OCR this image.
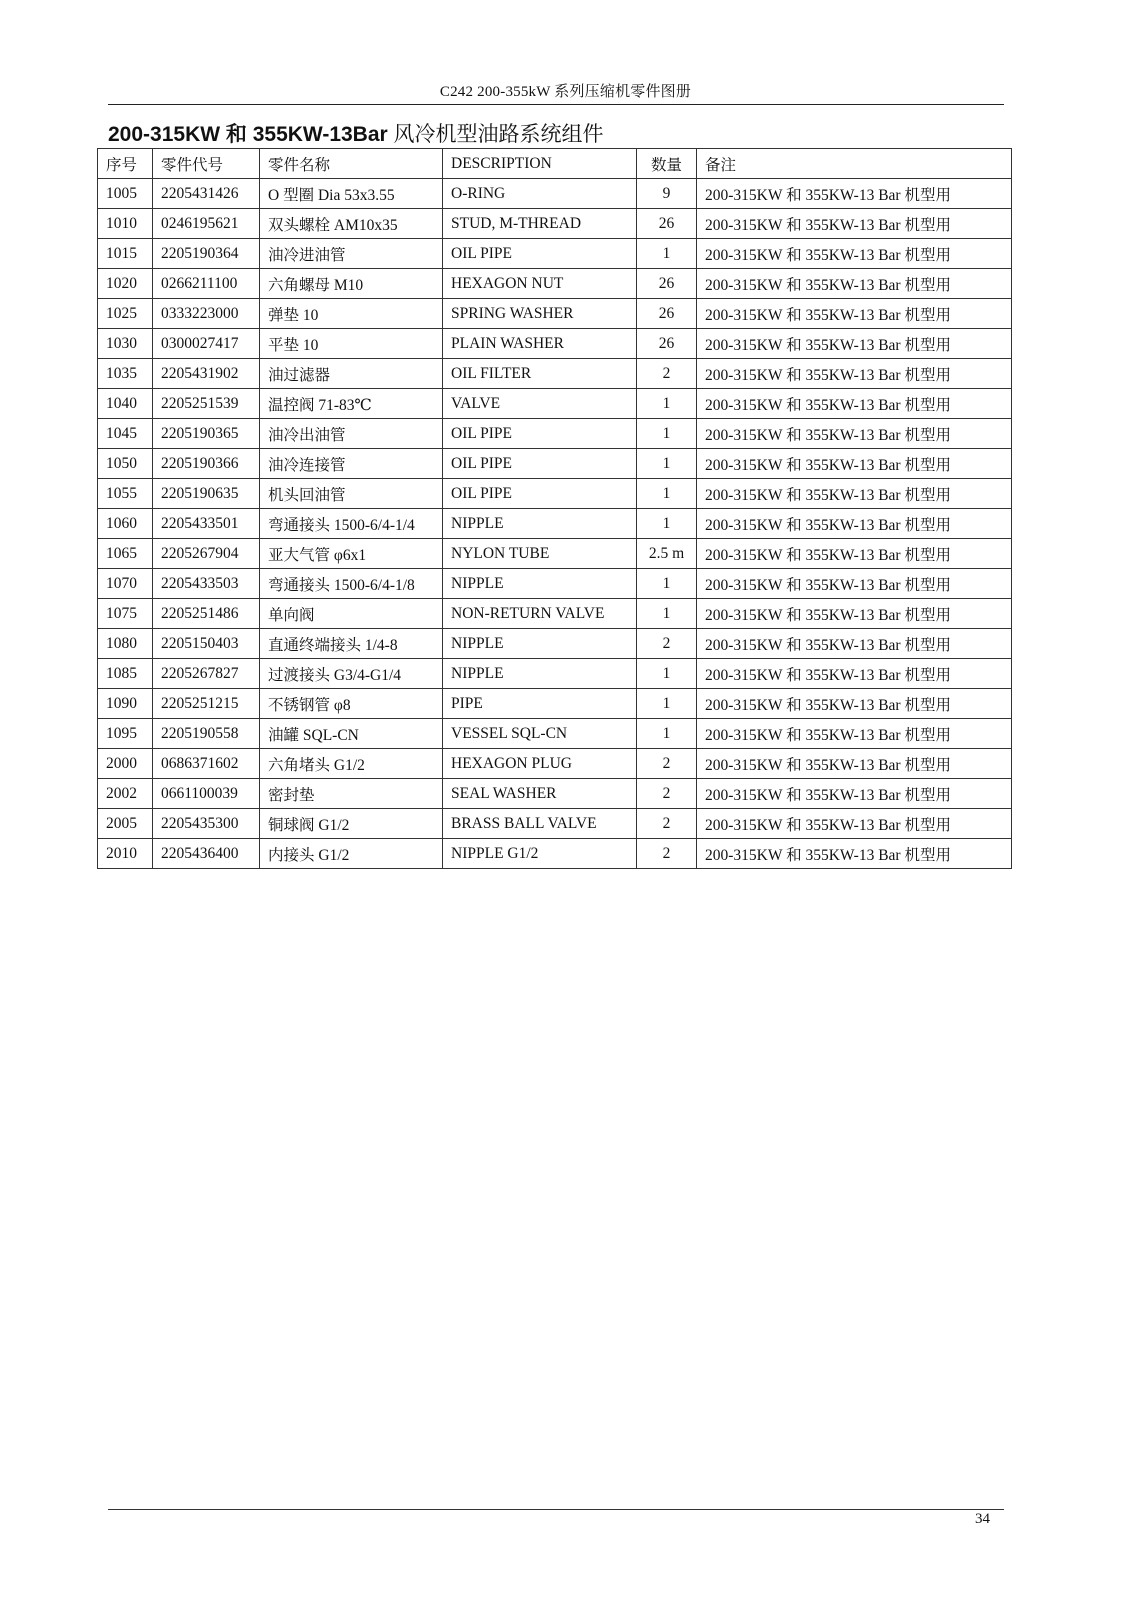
C242 200-355kW 系列压缩机零件图册
200-315KW 和 355KW-13Bar 风冷机型油路系统组件
序号	零件代号	零件名称	DESCRIPTION	数量	备注
1005	2205431426	O 型圈 Dia 53x3.55	O-RING	9	200-315KW 和 355KW-13 Bar 机型用
1010	0246195621	双头螺栓 AM10x35	STUD, M-THREAD	26	200-315KW 和 355KW-13 Bar 机型用
1015	2205190364	油冷进油管	OIL PIPE	1	200-315KW 和 355KW-13 Bar 机型用
1020	0266211100	六角螺母 M10	HEXAGON NUT	26	200-315KW 和 355KW-13 Bar 机型用
1025	0333223000	弹垫 10	SPRING WASHER	26	200-315KW 和 355KW-13 Bar 机型用
1030	0300027417	平垫 10	PLAIN WASHER	26	200-315KW 和 355KW-13 Bar 机型用
1035	2205431902	油过滤器	OIL FILTER	2	200-315KW 和 355KW-13 Bar 机型用
1040	2205251539	温控阀 71-83℃	VALVE	1	200-315KW 和 355KW-13 Bar 机型用
1045	2205190365	油冷出油管	OIL PIPE	1	200-315KW 和 355KW-13 Bar 机型用
1050	2205190366	油冷连接管	OIL PIPE	1	200-315KW 和 355KW-13 Bar 机型用
1055	2205190635	机头回油管	OIL PIPE	1	200-315KW 和 355KW-13 Bar 机型用
1060	2205433501	弯通接头 1500-6/4-1/4	NIPPLE	1	200-315KW 和 355KW-13 Bar 机型用
1065	2205267904	亚大气管 φ6x1	NYLON TUBE	2.5 m	200-315KW 和 355KW-13 Bar 机型用
1070	2205433503	弯通接头 1500-6/4-1/8	NIPPLE	1	200-315KW 和 355KW-13 Bar 机型用
1075	2205251486	单向阀	NON-RETURN VALVE	1	200-315KW 和 355KW-13 Bar 机型用
1080	2205150403	直通终端接头 1/4-8	NIPPLE	2	200-315KW 和 355KW-13 Bar 机型用
1085	2205267827	过渡接头 G3/4-G1/4	NIPPLE	1	200-315KW 和 355KW-13 Bar 机型用
1090	2205251215	不锈钢管 φ8	PIPE	1	200-315KW 和 355KW-13 Bar 机型用
1095	2205190558	油罐 SQL-CN	VESSEL SQL-CN	1	200-315KW 和 355KW-13 Bar 机型用
2000	0686371602	六角堵头 G1/2	HEXAGON PLUG	2	200-315KW 和 355KW-13 Bar 机型用
2002	0661100039	密封垫	SEAL WASHER	2	200-315KW 和 355KW-13 Bar 机型用
2005	2205435300	铜球阀 G1/2	BRASS BALL VALVE	2	200-315KW 和 355KW-13 Bar 机型用
2010	2205436400	内接头 G1/2	NIPPLE G1/2	2	200-315KW 和 355KW-13 Bar 机型用
34
